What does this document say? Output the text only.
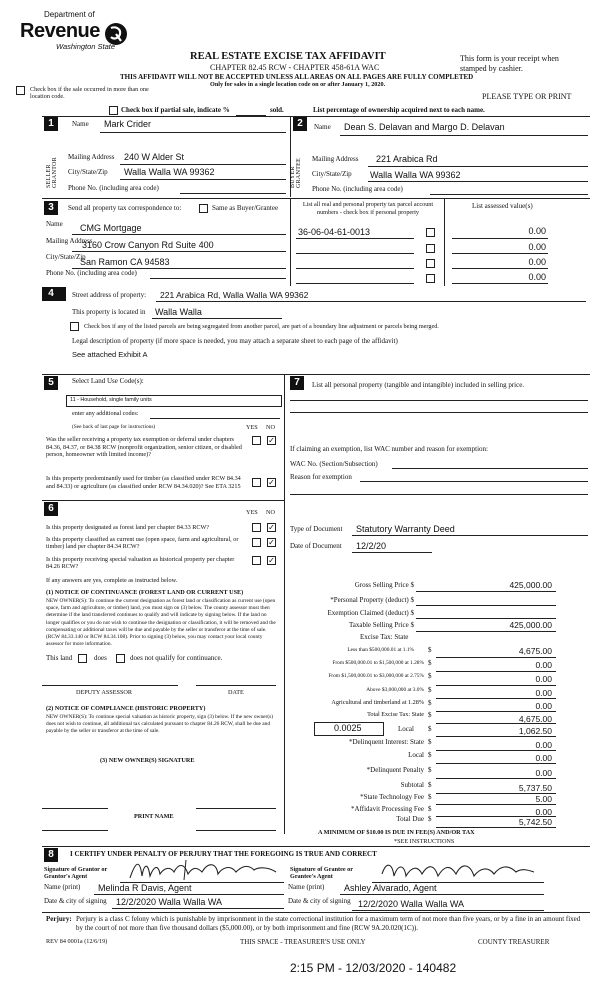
Department of
Revenue
Washington State
REAL ESTATE EXCISE TAX AFFIDAVIT
CHAPTER 82.45 RCW - CHAPTER 458-61A WAC
This form is your receipt when stamped by cashier.
THIS AFFIDAVIT WILL NOT BE ACCEPTED UNLESS ALL AREAS ON ALL PAGES ARE FULLY COMPLETED
Only for sales in a single location code on or after January 1, 2020.
Check box if the sale occurred in more than one location code.
Check box if partial sale, indicate %	sold.	List percentage of ownership acquired next to each name.
PLEASE TYPE OR PRINT
1	2
SELLER GRANTOR	BUYER GRANTEE
Name Mark Crider
Mailing Address 240 W Alder St
City/State/Zip Walla Walla WA 99362
Phone No. (including area code)
Name Dean S. Delavan and Margo D. Delavan
Mailing Address 221 Arabica Rd
City/State/Zip Walla Walla WA 99362
Phone No. (including area code)
3	Send all property tax correspondence to:	Same as Buyer/Grantee	List all real and personal property tax parcel account numbers - check box if personal property
List assessed value(s)
Name CMG Mortgage
Mailing Address
3160 Crow Canyon Rd Suite 400
City/State/Zip
San Ramon CA 94583
Phone No. (including area code)
36-06-04-61-0013	0.00
0.00
0.00
0.00
4	Street address of property: 221 Arabica Rd, Walla Walla WA 99362
This property is located in Walla Walla
Check box if any of the listed parcels are being segregated from another parcel, are part of a boundary line adjustment or parcels being merged.
Legal description of property (if more space is needed, you may attach a separate sheet to each page of the affidavit)
See attached Exhibit A
5	Select Land Use Code(s):	7	List all personal property (tangible and intangible) included in selling price.
11 - Household, single family units
enter any additional codes:
(See back of last page for instructions)	YES NO
Was the seller receiving a property tax exemption or deferral under chapters 84.36, 84.37, or 84.38 RCW (nonprofit organization, senior citizen, or disabled person, homeowner with limited income)?
✓
Is this property predominantly used for timber (as classified under RCW 84.34 and 84.33) or agriculture (as classified under RCW 84.34.020)? See ETA 3215	✓
If claiming an exemption, list WAC number and reason for exemption:
WAC No. (Section/Subsection)
Reason for exemption
6	YES NO
Is this property designated as forest land per chapter 84.33 RCW?	✓
Is this property classified as current use (open space, farm and agricultural, or timber) land per chapter 84.34 RCW?	✓
Is this property receiving special valuation as historical property per chapter 84.26 RCW?
✓
If any answers are yes, complete as instructed below.
(1) NOTICE OF CONTINUANCE (FOREST LAND OR CURRENT USE)
NEW OWNER(S): To continue the current designation as forest land or classification as current use (open space, farm and agriculture, or timber) land, you must sign on (3) below. The county assessor must then determine if the land transferred continues to qualify and will indicate by signing below. If the land no longer qualifies or you do not wish to continue the designation or classification, it will be removed and the compensating or additional taxes will be due and payable by the seller or transferor at the time of sale. (RCW 84.33.140 or RCW 84.34.108). Prior to signing (3) below, you may contact your local county assessor for more information.
This land	does	does not qualify for continuance.
DEPUTY ASSESSOR	DATE
(2) NOTICE OF COMPLIANCE (HISTORIC PROPERTY)
NEW OWNER(S): To continue special valuation as historic property, sign (3) below. If the new owner(s) does not wish to continue, all additional tax calculated pursuant to chapter 84.26 RCW, shall be due and payable by the seller or transferor at the time of sale.
(3) NEW OWNER(S) SIGNATURE
PRINT NAME
Type of Document Statutory Warranty Deed
Date of Document 12/2/20
Gross Selling Price $	425,000.00
*Personal Property (deduct) $
Exemption Claimed (deduct) $
Taxable Selling Price $	425,000.00
Excise Tax: State
Less than $500,000.01 at 1.1% $	4,675.00
From $500,000.01 to $1,500,000 at 1.28% $	0.00
From $1,500,000.01 to $3,000,000 at 2.75% $	0.00
Above $3,000,000 at 3.0% $	0.00
Agricultural and timberland at 1.28% $	0.00
Total Excise Tax: State $	4,675.00
0.0025	Local $	1,062.50
*Delinquent Interest: State $	0.00
Local $	0.00
*Delinquent Penalty $	0.00
Subtotal $	5,737.50
*State Technology Fee $	5.00
*Affidavit Processing Fee $	0.00
Total Due $	5,742.50
A MINIMUM OF $10.00 IS DUE IN FEE(S) AND/OR TAX
*SEE INSTRUCTIONS
8	I CERTIFY UNDER PENALTY OF PERJURY THAT THE FOREGOING IS TRUE AND CORRECT
Signature of Grantor or Grantor's Agent
Signature of Grantee or Grantee's Agent
Name (print) Melinda R Davis, Agent	Name (print) Ashley Alvarado, Agent
Date & city of signing 12/2/2020 Walla Walla WA	Date & city of signing 12/2/2020 Walla Walla WA
Perjury: Perjury is a class C felony which is punishable by imprisonment in the state correctional institution for a maximum term of not more than five years, or by a fine in an amount fixed by the court of not more than five thousand dollars ($5,000.00), or by both imprisonment and fine (RCW 9A.20.020(1C)).
REV 84 0001a (12/6/19)	THIS SPACE - TREASURER'S USE ONLY	COUNTY TREASURER
2:15 PM - 12/03/2020 - 140482
